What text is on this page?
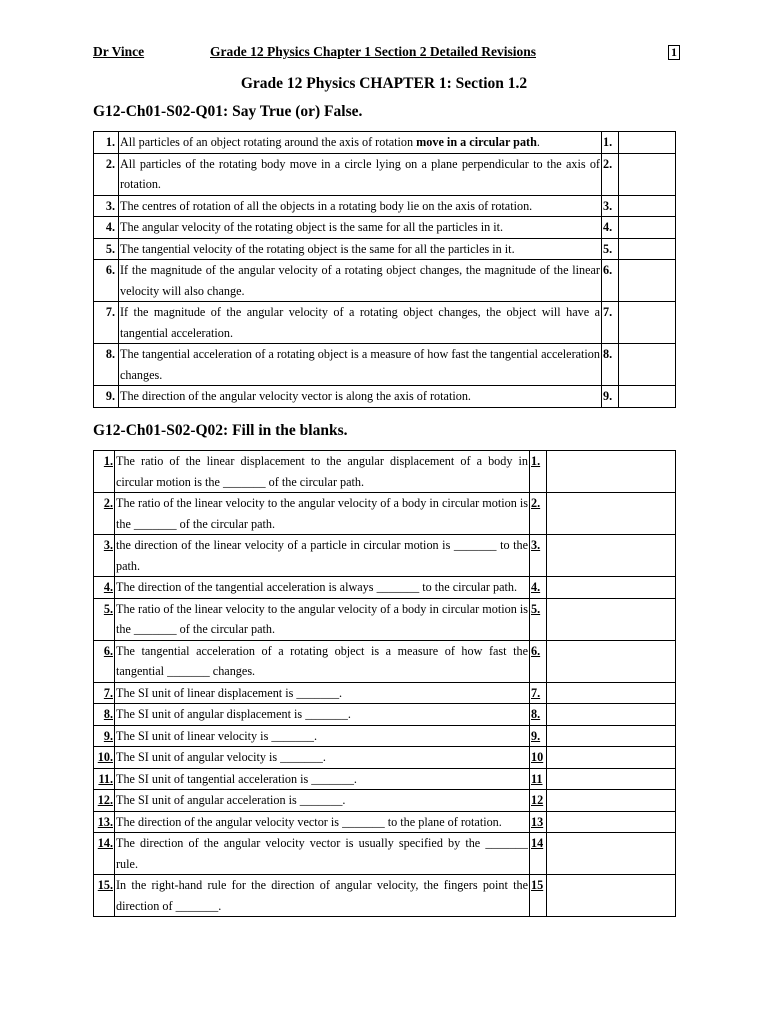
Dr Vince	Grade 12 Physics Chapter 1 Section 2 Detailed Revisions	1
Grade 12 Physics CHAPTER 1: Section 1.2
G12-Ch01-S02-Q01: Say True (or) False.
1.	All particles of an object rotating around the axis of rotation move in a circular path.	1.	
2.	All particles of the rotating body move in a circle lying on a plane perpendicular to the axis of rotation.	2.	
3.	The centres of rotation of all the objects in a rotating body lie on the axis of rotation.	3.	
4.	The angular velocity of the rotating object is the same for all the particles in it.	4.	
5.	The tangential velocity of the rotating object is the same for all the particles in it.	5.	
6.	If the magnitude of the angular velocity of a rotating object changes, the magnitude of the linear velocity will also change.	6.	
7.	If the magnitude of the angular velocity of a rotating object changes, the object will have a tangential acceleration.	7.	
8.	The tangential acceleration of a rotating object is a measure of how fast the tangential acceleration changes.	8.	
9.	The direction of the angular velocity vector is along the axis of rotation.	9.	
G12-Ch01-S02-Q02: Fill in the blanks.
1.	The ratio of the linear displacement to the angular displacement of a body in circular motion is the _______ of the circular path.	1.	
2.	The ratio of the linear velocity to the angular velocity of a body in circular motion is the _______ of the circular path.	2.	
3.	the direction of the linear velocity of a particle in circular motion is _______ to the path.	3.	
4.	The direction of the tangential acceleration is always _______ to the circular path.	4.	
5.	The ratio of the linear velocity to the angular velocity of a body in circular motion is the _______ of the circular path.	5.	
6.	The tangential acceleration of a rotating object is a measure of how fast the tangential _______ changes.	6.	
7.	The SI unit of linear displacement is _______.	7.	
8.	The SI unit of angular displacement is _______.	8.	
9.	The SI unit of linear velocity is _______.	9.	
10.	The SI unit of angular velocity is _______.	10	
11.	The SI unit of tangential acceleration is _______.	11	
12.	The SI unit of angular acceleration is _______.	12	
13.	The direction of the angular velocity vector is _______ to the plane of rotation.	13	
14.	The direction of the angular velocity vector is usually specified by the _______ rule.	14	
15.	In the right-hand rule for the direction of angular velocity, the fingers point the direction of _______.	15	
